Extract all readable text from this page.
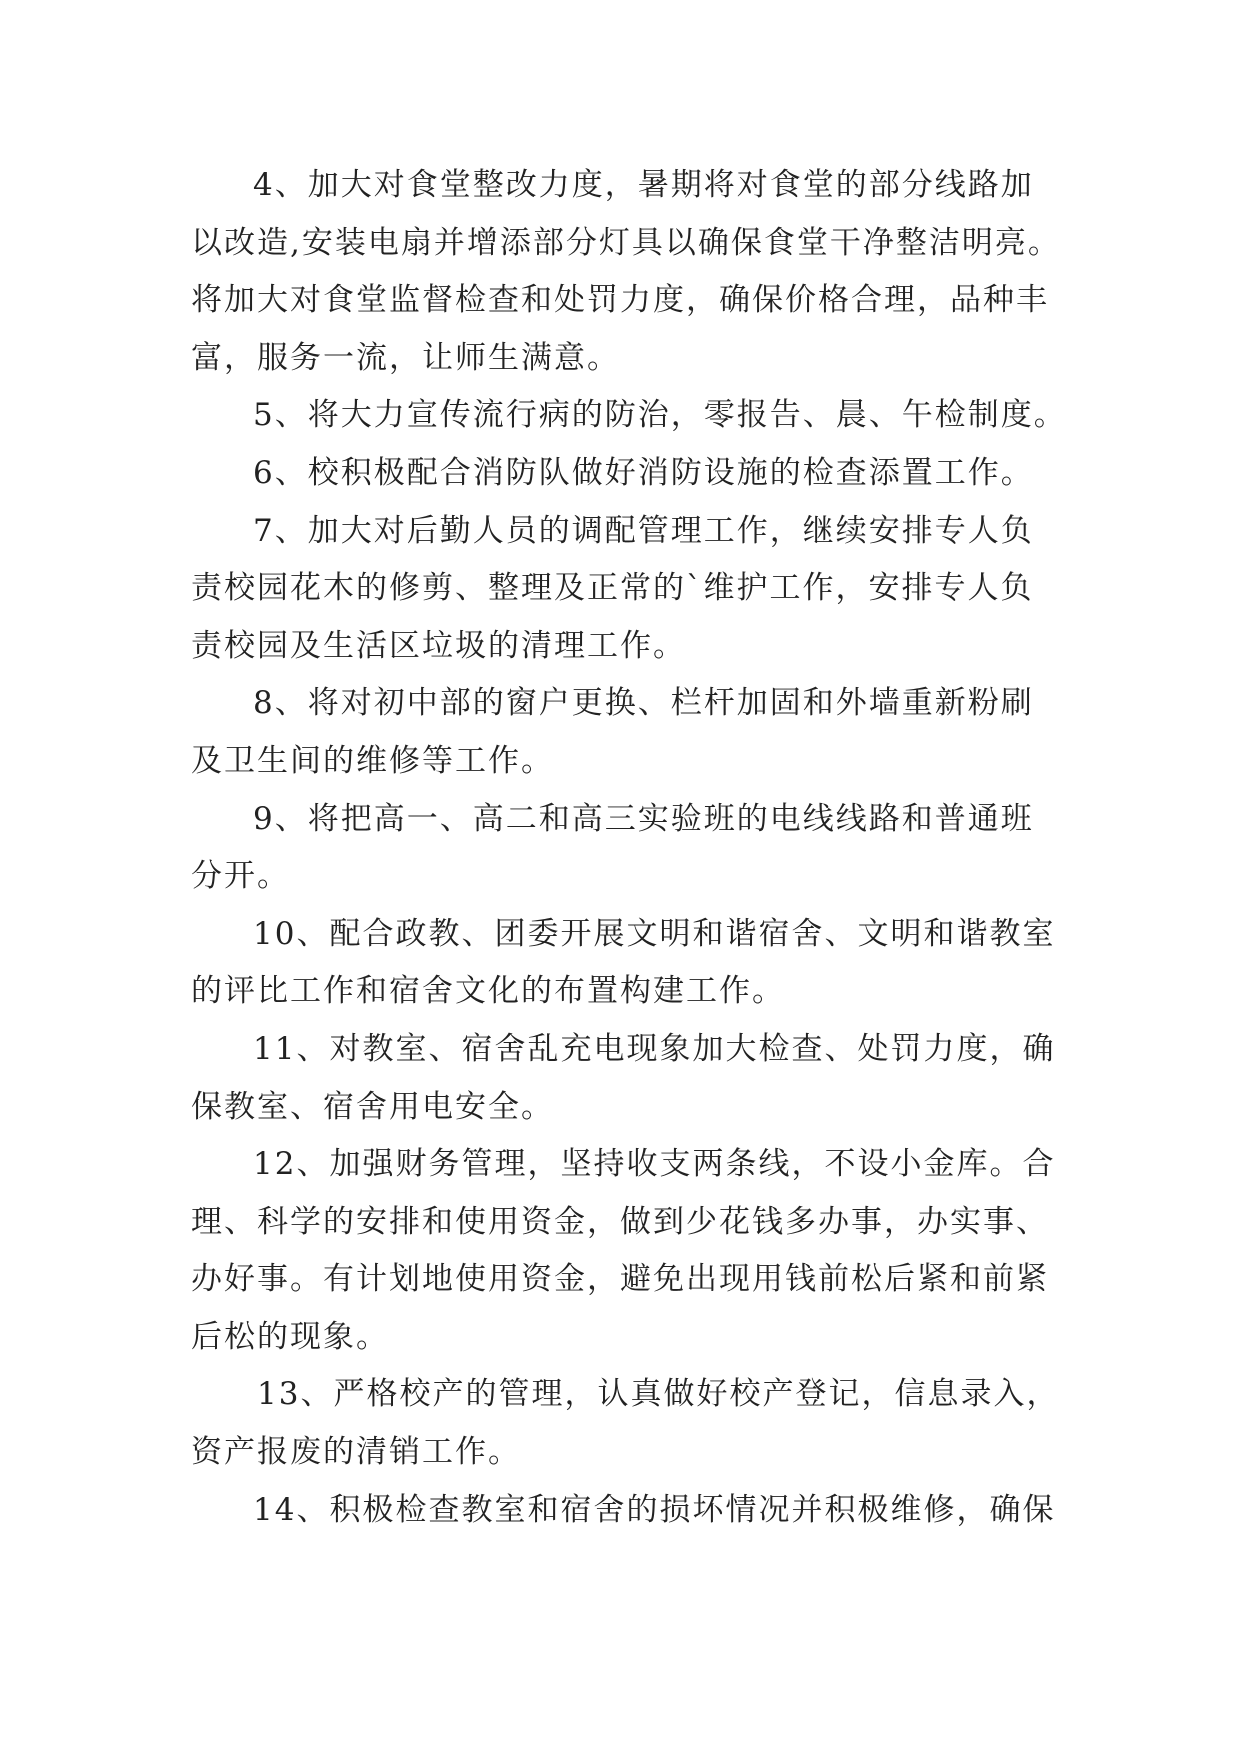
4、加大对食堂整改力度，暑期将对食堂的部分线路加
以改造,安装电扇并增添部分灯具以确保食堂干净整洁明亮。
将加大对食堂监督检查和处罚力度，确保价格合理，品种丰
富，服务一流，让师生满意。
5、将大力宣传流行病的防治，零报告、晨、午检制度。
6、校积极配合消防队做好消防设施的检查添置工作。
7、加大对后勤人员的调配管理工作，继续安排专人负
责校园花木的修剪、整理及正常的`维护工作，安排专人负
责校园及生活区垃圾的清理工作。
8、将对初中部的窗户更换、栏杆加固和外墙重新粉刷
及卫生间的维修等工作。
9、将把高一、高二和高三实验班的电线线路和普通班
分开。
10、配合政教、团委开展文明和谐宿舍、文明和谐教室
的评比工作和宿舍文化的布置构建工作。
11、对教室、宿舍乱充电现象加大检查、处罚力度，确
保教室、宿舍用电安全。
12、加强财务管理，坚持收支两条线，不设小金库。合
理、科学的安排和使用资金，做到少花钱多办事，办实事、
办好事。有计划地使用资金，避免出现用钱前松后紧和前紧
后松的现象。
13、严格校产的管理，认真做好校产登记，信息录入，
资产报废的清销工作。
14、积极检查教室和宿舍的损坏情况并积极维修，确保
